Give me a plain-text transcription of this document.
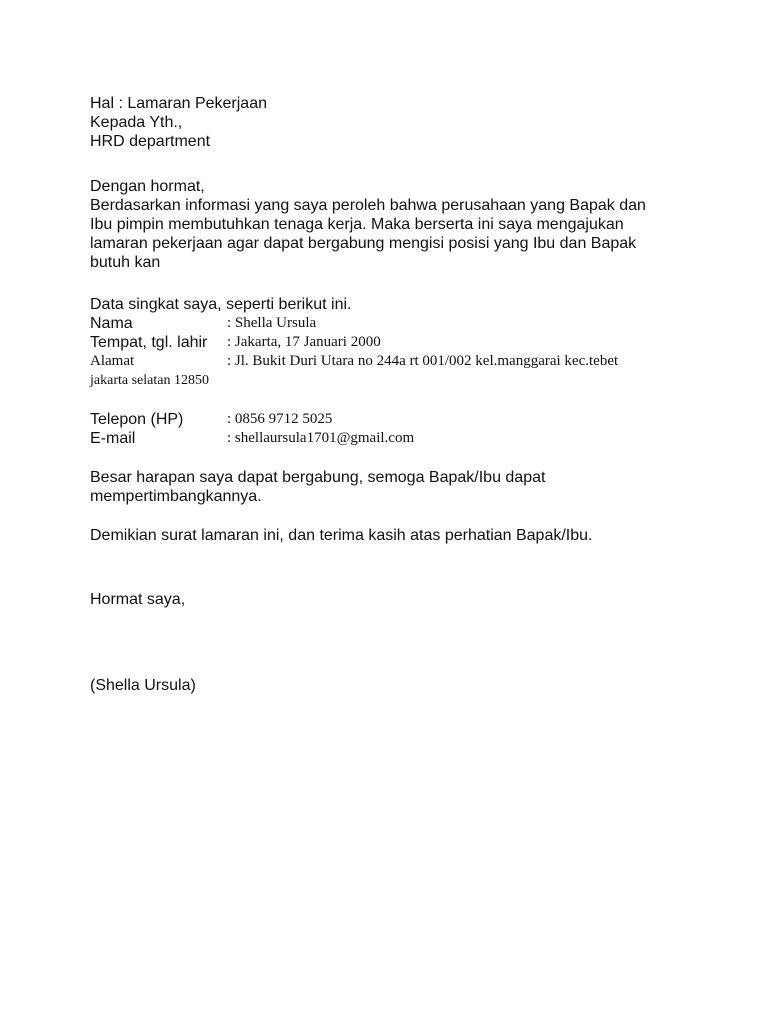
Hal : Lamaran Pekerjaan
Kepada Yth.,
HRD department
Dengan hormat,
Berdasarkan informasi yang saya peroleh bahwa perusahaan yang Bapak dan
Ibu pimpin membutuhkan tenaga kerja. Maka berserta ini saya mengajukan
lamaran pekerjaan agar dapat bergabung mengisi posisi yang Ibu dan Bapak
butuh kan
Data singkat saya, seperti berikut ini.
Nama	: Shella Ursula
Tempat, tgl. lahir : Jakarta, 17 Januari 2000
Alamat	: Jl. Bukit Duri Utara no 244a rt 001/002 kel.manggarai kec.tebet
jakarta selatan 12850
Telepon (HP)	: 0856 9712 5025
E-mail	: shellaursula1701@gmail.com
Besar harapan saya dapat bergabung, semoga Bapak/Ibu dapat
mempertimbangkannya.
Demikian surat lamaran ini, dan terima kasih atas perhatian Bapak/Ibu.
Hormat saya,
(Shella Ursula)
